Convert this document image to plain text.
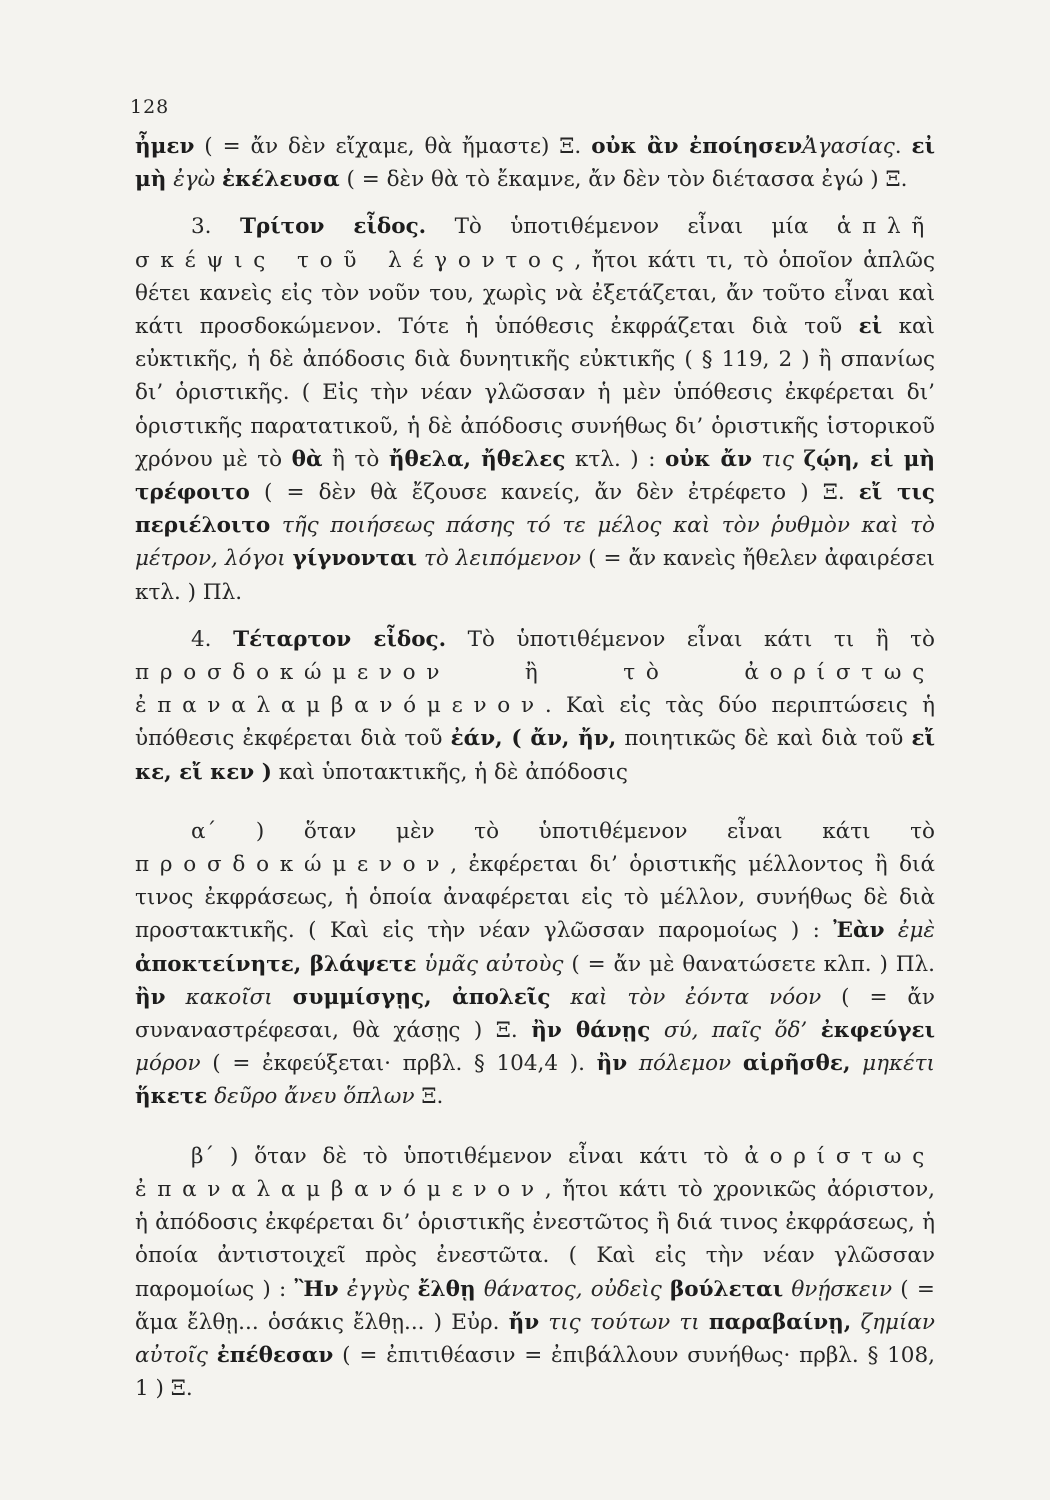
128

ἦμεν ( = ἄν δὲν εἴχαμε, θὰ ἤμαστε) Ξ. οὐκ ἂν ἐποίησενἈγασίας. εἰ μὴ ἐγὼ ἐκέλευσα ( = δὲν θὰ τὸ ἔκαμνε, ἄν δὲν τὸν διέτασσα ἐγώ ) Ξ.

3. Τρίτον εἶδος. Τὸ ὑποτιθέμενον εἶναι μία ἁπλῆ σκέψις τοῦ λέγοντος, ἤτοι κάτι τι, τὸ ὁποῖον ἁπλῶς θέτει κανεὶς εἰς τὸν νοῦν του, χωρὶς νὰ ἐξετάζεται, ἄν τοῦτο εἶναι καὶ κάτι προσδοκώμενον. Τότε ἡ ὑπόθεσις ἐκφράζεται διὰ τοῦ εἰ καὶ εὐκτικῆς, ἡ δὲ ἀπόδοσις διὰ δυνητικῆς εὐκτικῆς ( § 119, 2 ) ἢ σπανίως δι’ ὁριστικῆς. ( Εἰς τὴν νέαν γλῶσσαν ἡ μὲν ὑπόθεσις ἐκφέρεται δι’ ὁριστικῆς παρατατικοῦ, ἡ δὲ ἀπόδοσις συνήθως δι’ ὁριστικῆς ἱστορικοῦ χρόνου μὲ τὸ θὰ ἢ τὸ ἤθελα, ἤθελες κτλ. ) : οὐκ ἄν τις ζῴη, εἰ μὴ τρέφοιτο ( = δὲν θὰ ἔζουσε κανείς, ἄν δὲν ἐτρέφετο ) Ξ. εἴ τις περιέλοιτο τῆς ποιήσεως πάσης τό τε μέλος καὶ τὸν ῥυθμὸν καὶ τὸ μέτρον, λόγοι γίγνονται τὸ λειπόμενον ( = ἄν κανεὶς ἤθελεν ἀφαιρέσει κτλ. ) Πλ.

4. Τέταρτον εἶδος. Τὸ ὑποτιθέμενον εἶναι κάτι τι ἢ τὸ προσδοκώμενον ἢ τὸ ἀορίστως ἐπαναλαμβανόμενον. Καὶ εἰς τὰς δύο περιπτώσεις ἡ ὑπόθεσις ἐκφέρεται διὰ τοῦ ἐάν, ( ἄν, ἤν, ποιητικῶς δὲ καὶ διὰ τοῦ εἴ κε, εἴ κεν ) καὶ ὑποτακτικῆς, ἡ δὲ ἀπόδοσις

α΄ ) ὅταν μὲν τὸ ὑποτιθέμενον εἶναι κάτι τὸ προσδοκώμενον, ἐκφέρεται δι’ ὁριστικῆς μέλλοντος ἢ διά τινος ἐκφράσεως, ἡ ὁποία ἀναφέρεται εἰς τὸ μέλλον, συνήθως δὲ διὰ προστακτικῆς. ( Καὶ εἰς τὴν νέαν γλῶσσαν παρομοίως ) : Ἐὰν ἐμὲ ἀποκτείνητε, βλάψετε ὑμᾶς αὐτοὺς ( = ἄν μὲ θανατώσετε κλπ. ) Πλ. ἢν κακοῖσι συμμίσγῃς, ἀπολεῖς καὶ τὸν ἐόντα νόον ( = ἄν συναναστρέφεσαι, θὰ χάσῃς ) Ξ. ἢν θάνῃς σύ, παῖς ὅδ’ ἐκφεύγει μόρον ( = ἐκφεύξεται· πρβλ. § 104,4 ). ἢν πόλεμον αἱρῆσθε, μηκέτι ἥκετε δεῦρο ἄνευ ὅπλων Ξ.

β΄ ) ὅταν δὲ τὸ ὑποτιθέμενον εἶναι κάτι τὸ ἀορίστως ἐπαναλαμβανόμενον, ἤτοι κάτι τὸ χρονικῶς ἀόριστον, ἡ ἀπόδοσις ἐκφέρεται δι’ ὁριστικῆς ἐνεστῶτος ἢ διά τινος ἐκφράσεως, ἡ ὁποία ἀντιστοιχεῖ πρὸς ἐνεστῶτα. ( Καὶ εἰς τὴν νέαν γλῶσσαν παρομοίως ) : Ἢν ἐγγὺς ἔλθῃ θάνατος, οὐδεὶς βούλεται θνῄσκειν ( = ἅμα ἔλθῃ... ὁσάκις ἔλθῃ... ) Εὐρ. ἤν τις τούτων τι παραβαίνῃ, ζημίαν αὐτοῖς ἐπέθεσαν ( = ἐπιτιθέασιν = ἐπιβάλλουν συνήθως· πρβλ. § 108, 1 ) Ξ.
